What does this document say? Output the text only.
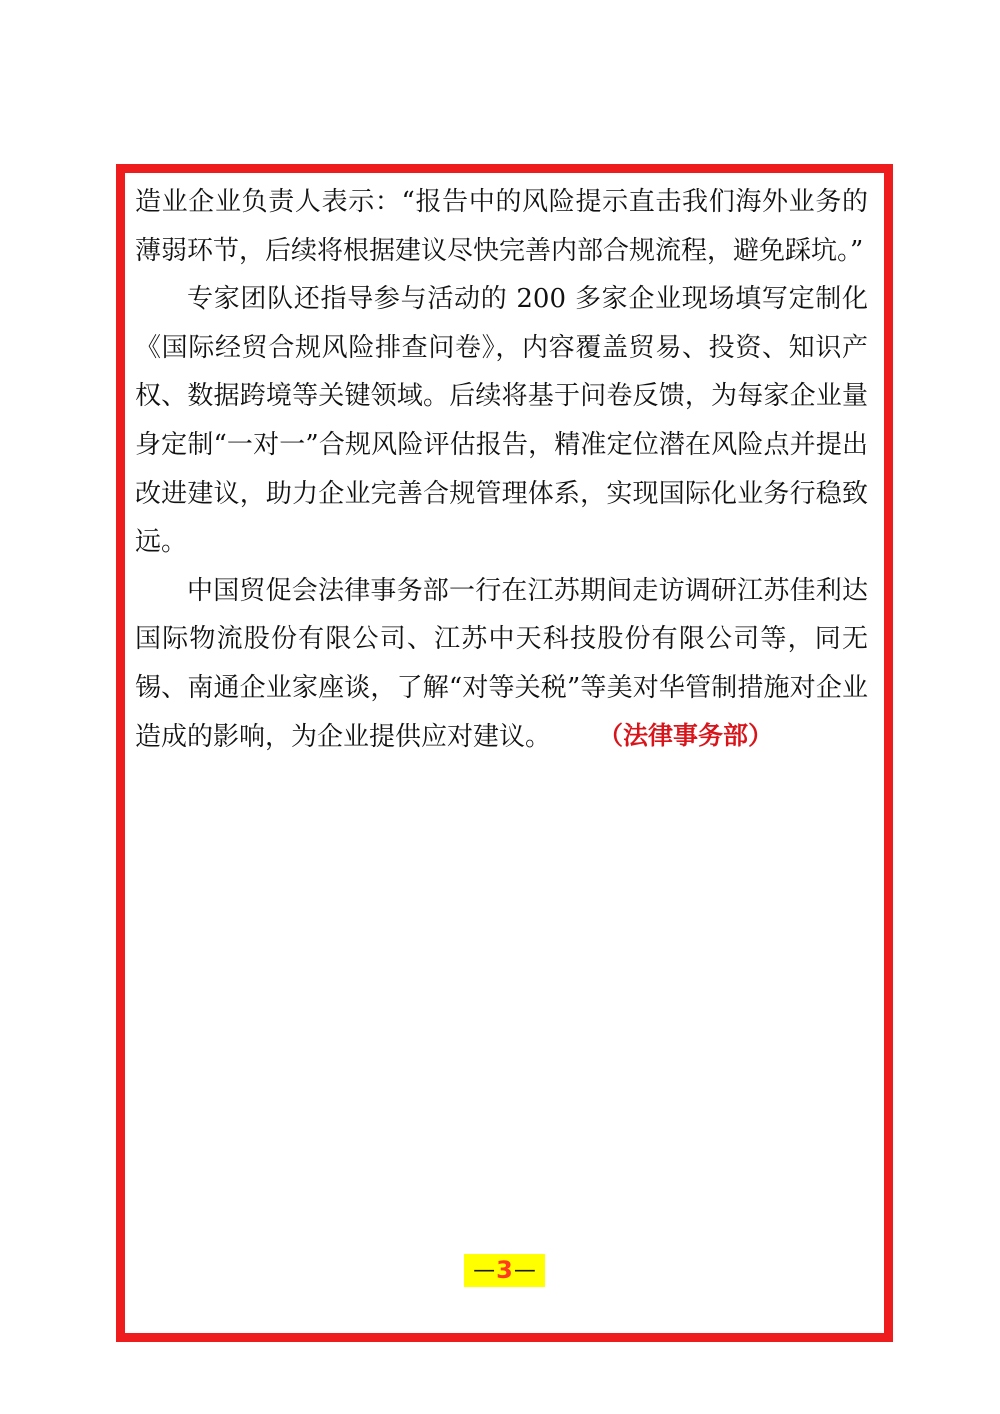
造业企业负责人表示：“报告中的风险提示直击我们海外业务的薄弱环节，后续将根据建议尽快完善内部合规流程，避免踩坑。”

专家团队还指导参与活动的 200 多家企业现场填写定制化《国际经贸合规风险排查问卷》，内容覆盖贸易、投资、知识产权、数据跨境等关键领域。后续将基于问卷反馈，为每家企业量身定制“一对一”合规风险评估报告，精准定位潜在风险点并提出改进建议，助力企业完善合规管理体系，实现国际化业务行稳致远。

中国贸促会法律事务部一行在江苏期间走访调研江苏佳利达国际物流股份有限公司、江苏中天科技股份有限公司等，同无锡、南通企业家座谈，了解“对等关税”等美对华管制措施对企业造成的影响，为企业提供应对建议。	（法律事务部）
— 3 —
